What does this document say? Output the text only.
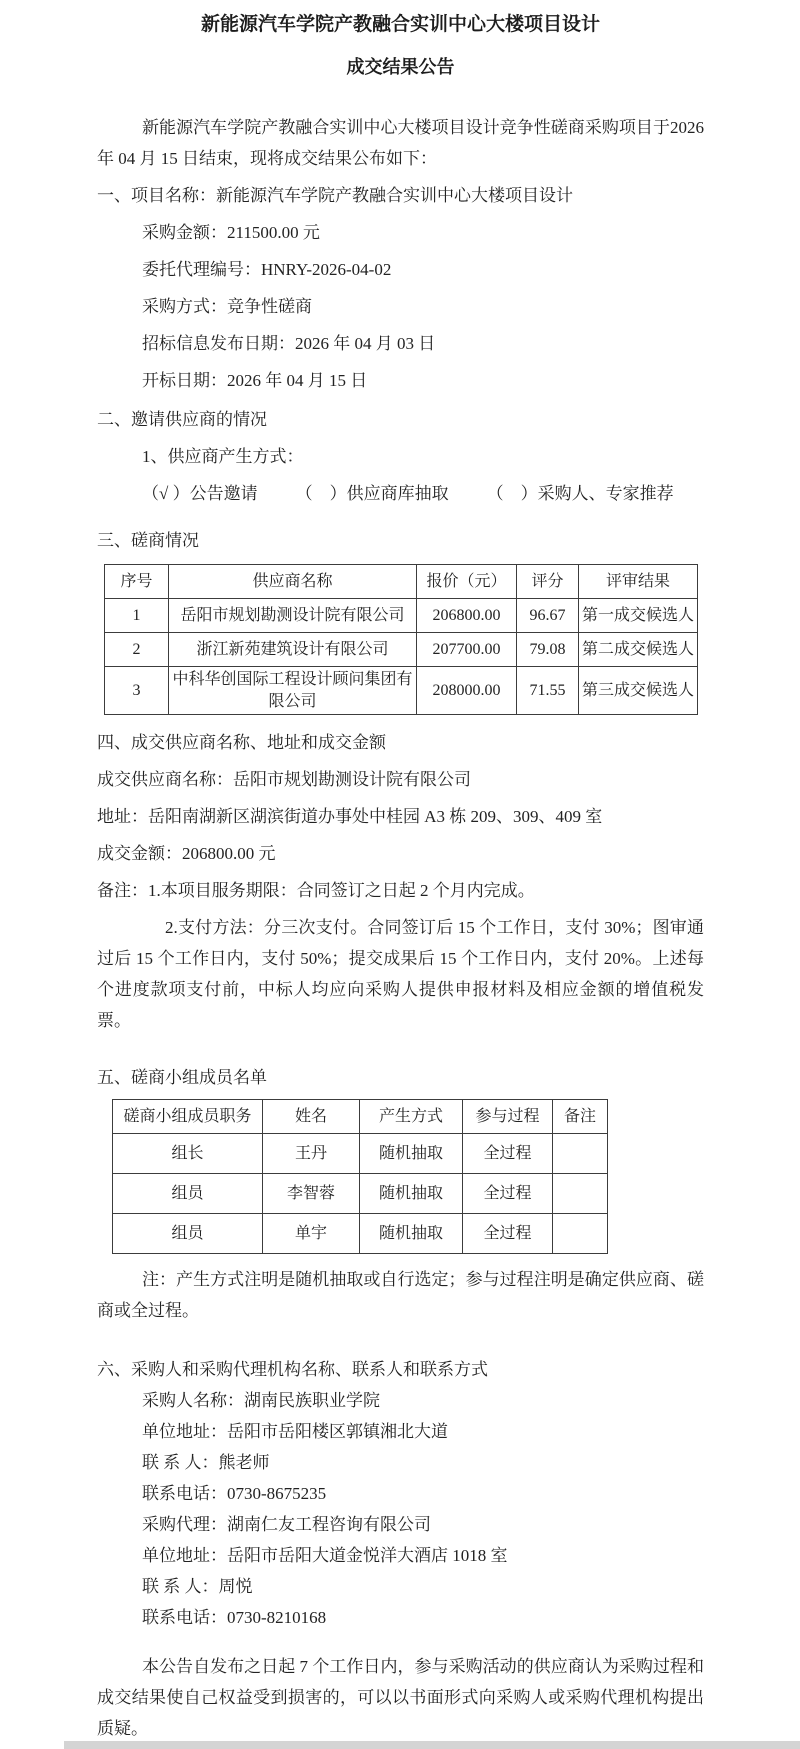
新能源汽车学院产教融合实训中心大楼项目设计
成交结果公告
新能源汽车学院产教融合实训中心大楼项目设计竞争性磋商采购项目于2026 年 04 月 15 日结束，现将成交结果公布如下：
一、项目名称：新能源汽车学院产教融合实训中心大楼项目设计
采购金额：211500.00 元
委托代理编号：HNRY-2026-04-02
采购方式：竞争性磋商
招标信息发布日期：2026 年 04 月 03 日
开标日期：2026 年 04 月 15 日
二、邀请供应商的情况
1、供应商产生方式：
（√ ）公告邀请 （　）供应商库抽取 （　）采购人、专家推荐
三、磋商情况
序号	供应商名称	报价（元）	评分	评审结果
1	岳阳市规划勘测设计院有限公司	206800.00	96.67	第一成交候选人
2	浙江新苑建筑设计有限公司	207700.00	79.08	第二成交候选人
3	中科华创国际工程设计顾问集团有限公司	208000.00	71.55	第三成交候选人
四、成交供应商名称、地址和成交金额
成交供应商名称：岳阳市规划勘测设计院有限公司
地址：岳阳南湖新区湖滨街道办事处中桂园 A3 栋 209、309、409 室
成交金额：206800.00 元
备注：1.本项目服务期限：合同签订之日起 2 个月内完成。
2.支付方法：分三次支付。合同签订后 15 个工作日，支付 30%；图审通过后 15 个工作日内，支付 50%；提交成果后 15 个工作日内，支付 20%。上述每个进度款项支付前，中标人均应向采购人提供申报材料及相应金额的增值税发票。
五、磋商小组成员名单
磋商小组成员职务	姓名	产生方式	参与过程	备注
组长	王丹	随机抽取	全过程	
组员	李智蓉	随机抽取	全过程	
组员	单宇	随机抽取	全过程	
注：产生方式注明是随机抽取或自行选定；参与过程注明是确定供应商、磋商或全过程。
六、采购人和采购代理机构名称、联系人和联系方式
采购人名称：湖南民族职业学院
单位地址：岳阳市岳阳楼区郭镇湘北大道
联 系 人：熊老师
联系电话：0730-8675235
采购代理：湖南仁友工程咨询有限公司
单位地址：岳阳市岳阳大道金悦洋大酒店 1018 室
联 系 人：周悦
联系电话：0730-8210168
本公告自发布之日起 7 个工作日内，参与采购活动的供应商认为采购过程和成交结果使自己权益受到损害的，可以以书面形式向采购人或采购代理机构提出质疑。
